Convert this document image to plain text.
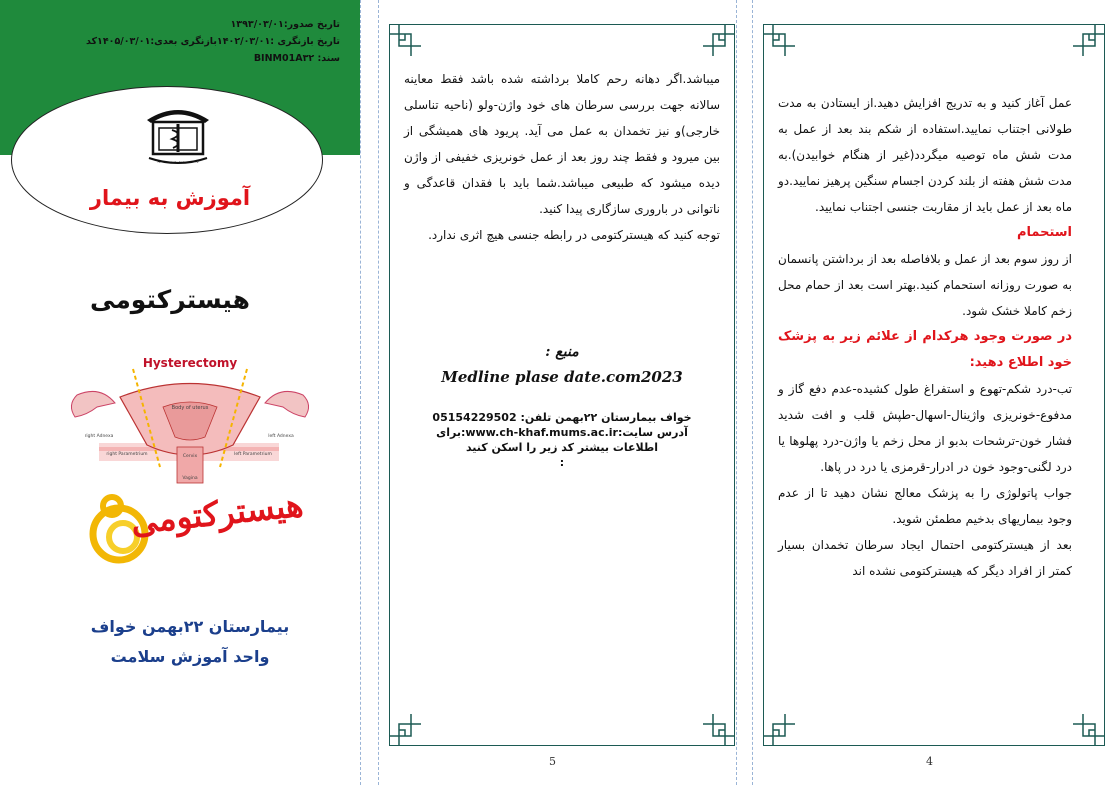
تاریخ صدور:۱۳۹۳/۰۳/۰۱
تاریخ بازنگری :۱۴۰۲/۰۳/۰۱بازنگری بعدی:۱۴۰۵/۰۳/۰۱کد
سند: BINM01A۳۲
~~~~~~~~~~
آموزش به بیمار
هیسترکتومی
Hysterectomy
Body of uterus
right Adnexa	left Adnexa
right Parametrium	left Parametrium
Cervix
Vagina
هیسترکتومی
بیمارستان ۲۲بهمن خواف
واحد آموزش سلامت

میباشد.اگر دهانه رحم کاملا برداشته شده باشد فقط معاینه سالانه جهت بررسی سرطان های خود واژن-ولو (ناحیه تناسلی خارجی)و نیز تخمدان به عمل می آید. پریود های همیشگی از بین میرود و فقط چند روز بعد از عمل خونریزی خفیفی از واژن دیده میشود که طبیعی میباشد.شما باید با فقدان قاعدگی و ناتوانی در باروری سازگاری پیدا کنید.

توجه کنید که هیسترکتومی در رابطه جنسی هیچ اثری ندارد.

منبع :
Medline plase date.com2023
خواف بیمارستان ۲۲بهمن تلفن: 05154229502
آدرس سایت:www.ch-khaf.mums.ac.ir:برای
اطلاعات بیشتر کد زیر را اسکن کنید
:
5

عمل آغاز کنید و به تدریج افزایش دهید.از ایستادن به مدت طولانی اجتناب نمایید.استفاده از شکم بند بعد از عمل به مدت شش ماه توصیه میگردد(غیر از هنگام خوابیدن).به مدت شش هفته از بلند کردن اجسام سنگین پرهیز نمایید.دو ماه بعد از عمل باید از مقاربت جنسی اجتناب نمایید.

استحمام

از روز سوم بعد از عمل و بلافاصله بعد از برداشتن پانسمان به صورت روزانه استحمام کنید.بهتر است بعد از حمام محل زخم کاملا خشک شود.

در صورت وجود هرکدام از علائم زیر به پزشک خود اطلاع دهید:

تب-درد شکم-تهوع و استفراغ طول کشیده-عدم دفع گاز و مدفوع-خونریزی واژینال-اسهال-طپش قلب و افت شدید فشار خون-ترشحات بدبو از محل زخم یا واژن-درد پهلوها یا درد لگنی-وجود خون در ادرار-قرمزی یا درد در پاها.

جواب پاتولوژی را به پزشک معالج نشان دهید تا از عدم وجود بیماریهای بدخیم مطمئن شوید.

بعد از هیسترکتومی احتمال ایجاد سرطان تخمدان بسیار کمتر از افراد دیگر که هیسترکتومی نشده اند

4
